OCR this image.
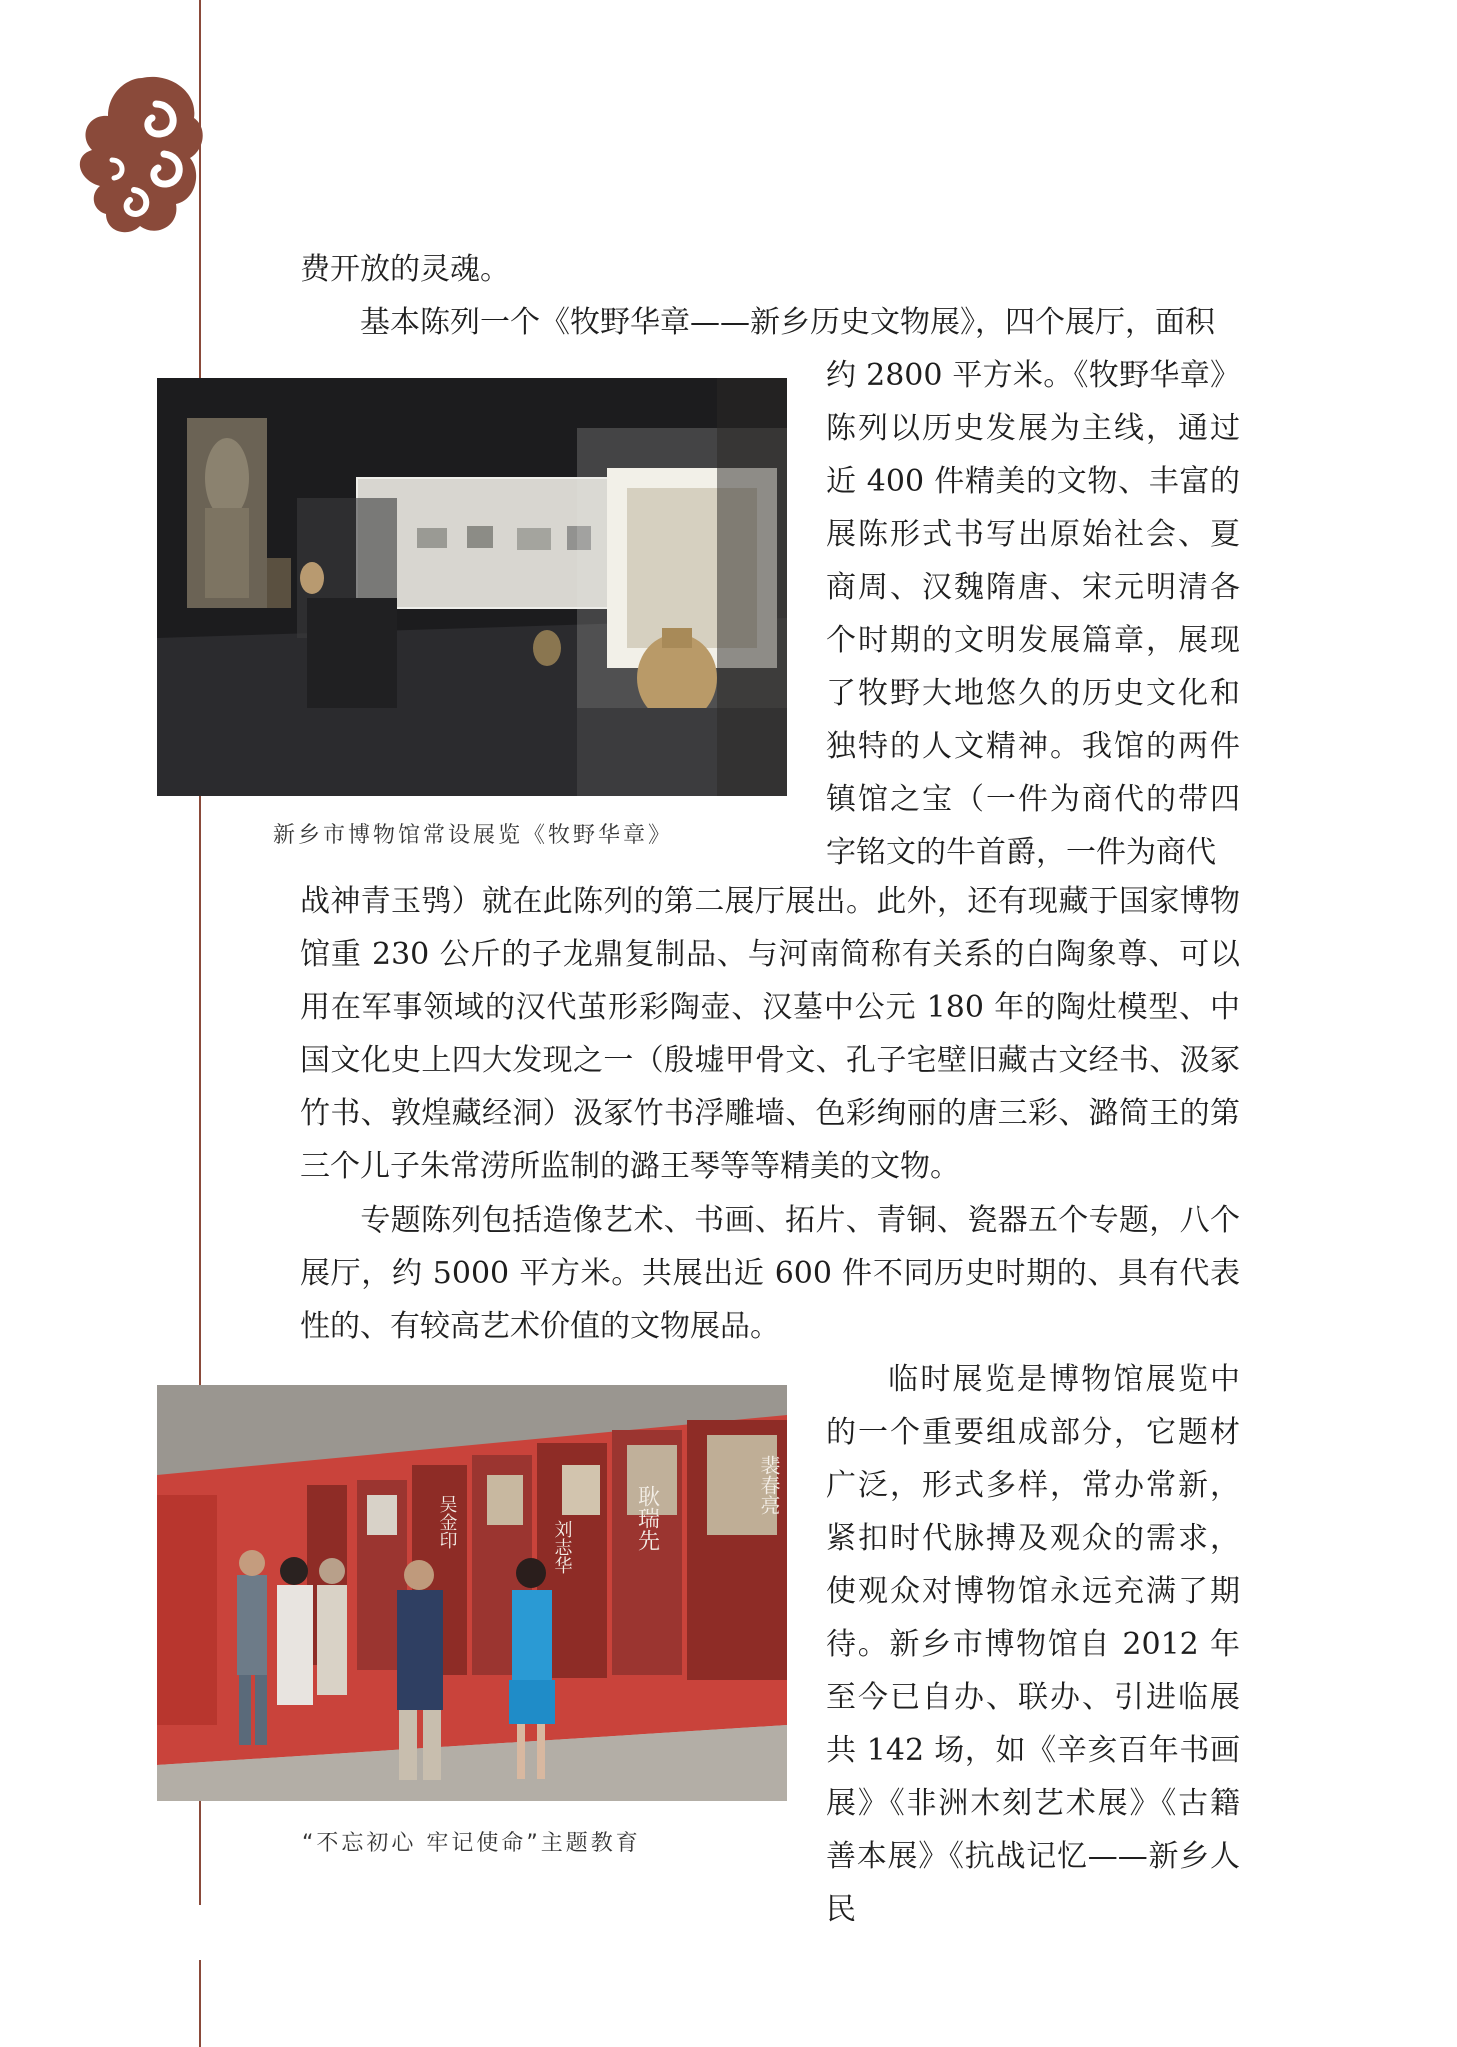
费开放的灵魂。

基本陈列一个《牧野华章——新乡历史文物展》，四个展厅，面积

约 2800 平方米。《牧野华章》陈列以历史发展为主线，通过近 400 件精美的文物、丰富的展陈形式书写出原始社会、夏商周、汉魏隋唐、宋元明清各个时期的文明发展篇章，展现了牧野大地悠久的历史文化和独特的人文精神。我馆的两件镇馆之宝（一件为商代的带四字铭文的牛首爵，一件为商代

新乡市博物馆常设展览《牧野华章》

战神青玉鸮）就在此陈列的第二展厅展出。此外，还有现藏于国家博物馆重 230 公斤的子龙鼎复制品、与河南简称有关系的白陶象尊、可以用在军事领域的汉代茧形彩陶壶、汉墓中公元 180 年的陶灶模型、中国文化史上四大发现之一（殷墟甲骨文、孔子宅壁旧藏古文经书、汲冢竹书、敦煌藏经洞）汲冢竹书浮雕墙、色彩绚丽的唐三彩、潞简王的第三个儿子朱常涝所监制的潞王琴等等精美的文物。

专题陈列包括造像艺术、书画、拓片、青铜、瓷器五个专题，八个展厅，约 5000 平方米。共展出近 600 件不同历史时期的、具有代表性的、有较高艺术价值的文物展品。

耿瑞先
吴金印	刘志华
裴春亮
“不忘初心 牢记使命”主题教育

临时展览是博物馆展览中的一个重要组成部分，它题材广泛，形式多样，常办常新，紧扣时代脉搏及观众的需求，使观众对博物馆永远充满了期待。新乡市博物馆自 2012 年至今已自办、联办、引进临展共 142 场，如《辛亥百年书画展》《非洲木刻艺术展》《古籍善本展》《抗战记忆——新乡人民
